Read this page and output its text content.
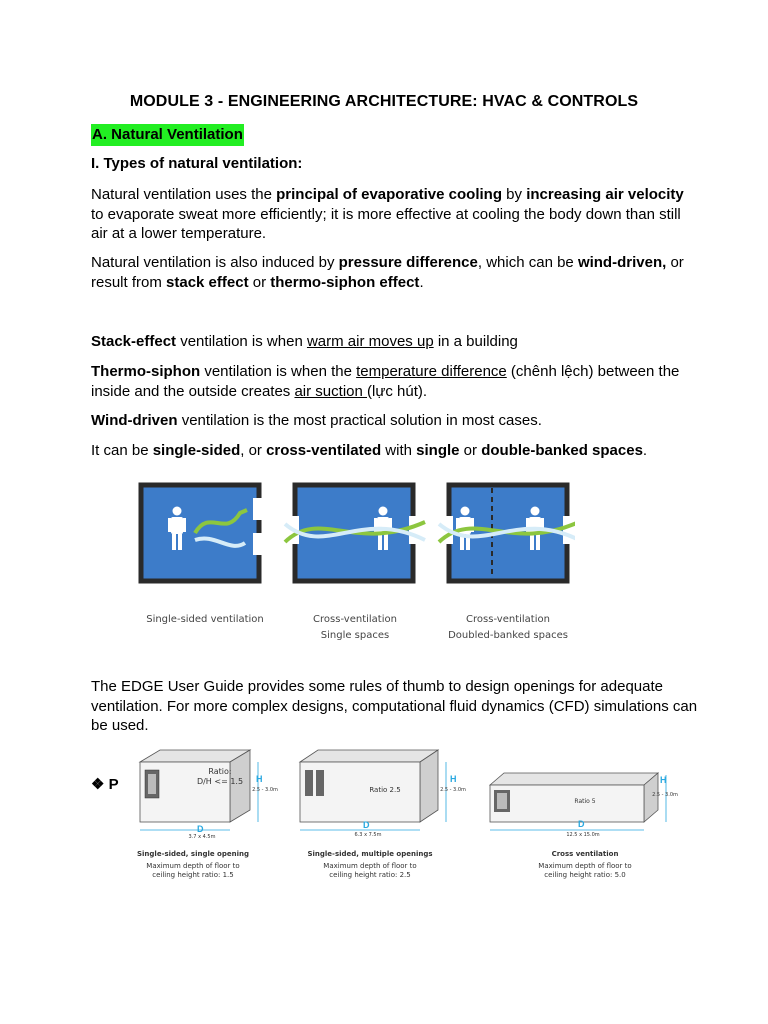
MODULE 3 - ENGINEERING ARCHITECTURE: HVAC & CONTROLS
A. Natural Ventilation
I. Types of natural ventilation:
Natural ventilation uses the principal of evaporative cooling by increasing air velocity to evaporate sweat more efficiently; it is more effective at cooling the body down than still air at a lower temperature.
Natural ventilation is also induced by pressure difference, which can be wind-driven, or result from stack effect or thermo-siphon effect.
Stack-effect ventilation is when warm air moves up in a building
Thermo-siphon ventilation is when the temperature difference (chênh lệch) between the inside and the outside creates air suction (lực hút).
Wind-driven ventilation is the most practical solution in most cases.
It can be single-sided, or cross-ventilated with single or double-banked spaces.
Single-sided ventilation	Cross-ventilation
Single spaces
Cross-ventilation
Doubled-banked spaces
The EDGE User Guide provides some rules of thumb to design openings for adequate ventilation. For more complex designs, computational fluid dynamics (CFD) simulations can be used.
❖ P
Ratio:
D/H <= 1.5	H
2.5 - 3.0m
D
3.7 x 4.5m
Single-sided, single opening
Maximum depth of floor to
ceiling height ratio: 1.5
Ratio 2.5
H
2.5 - 3.0m
D
6.3 x 7.5m
Single-sided, multiple openings
Maximum depth of floor to
ceiling height ratio: 2.5
Ratio 5
H
2.5 - 3.0m
D
12.5 x 15.0m
Cross ventilation
Maximum depth of floor to
ceiling height ratio: 5.0
